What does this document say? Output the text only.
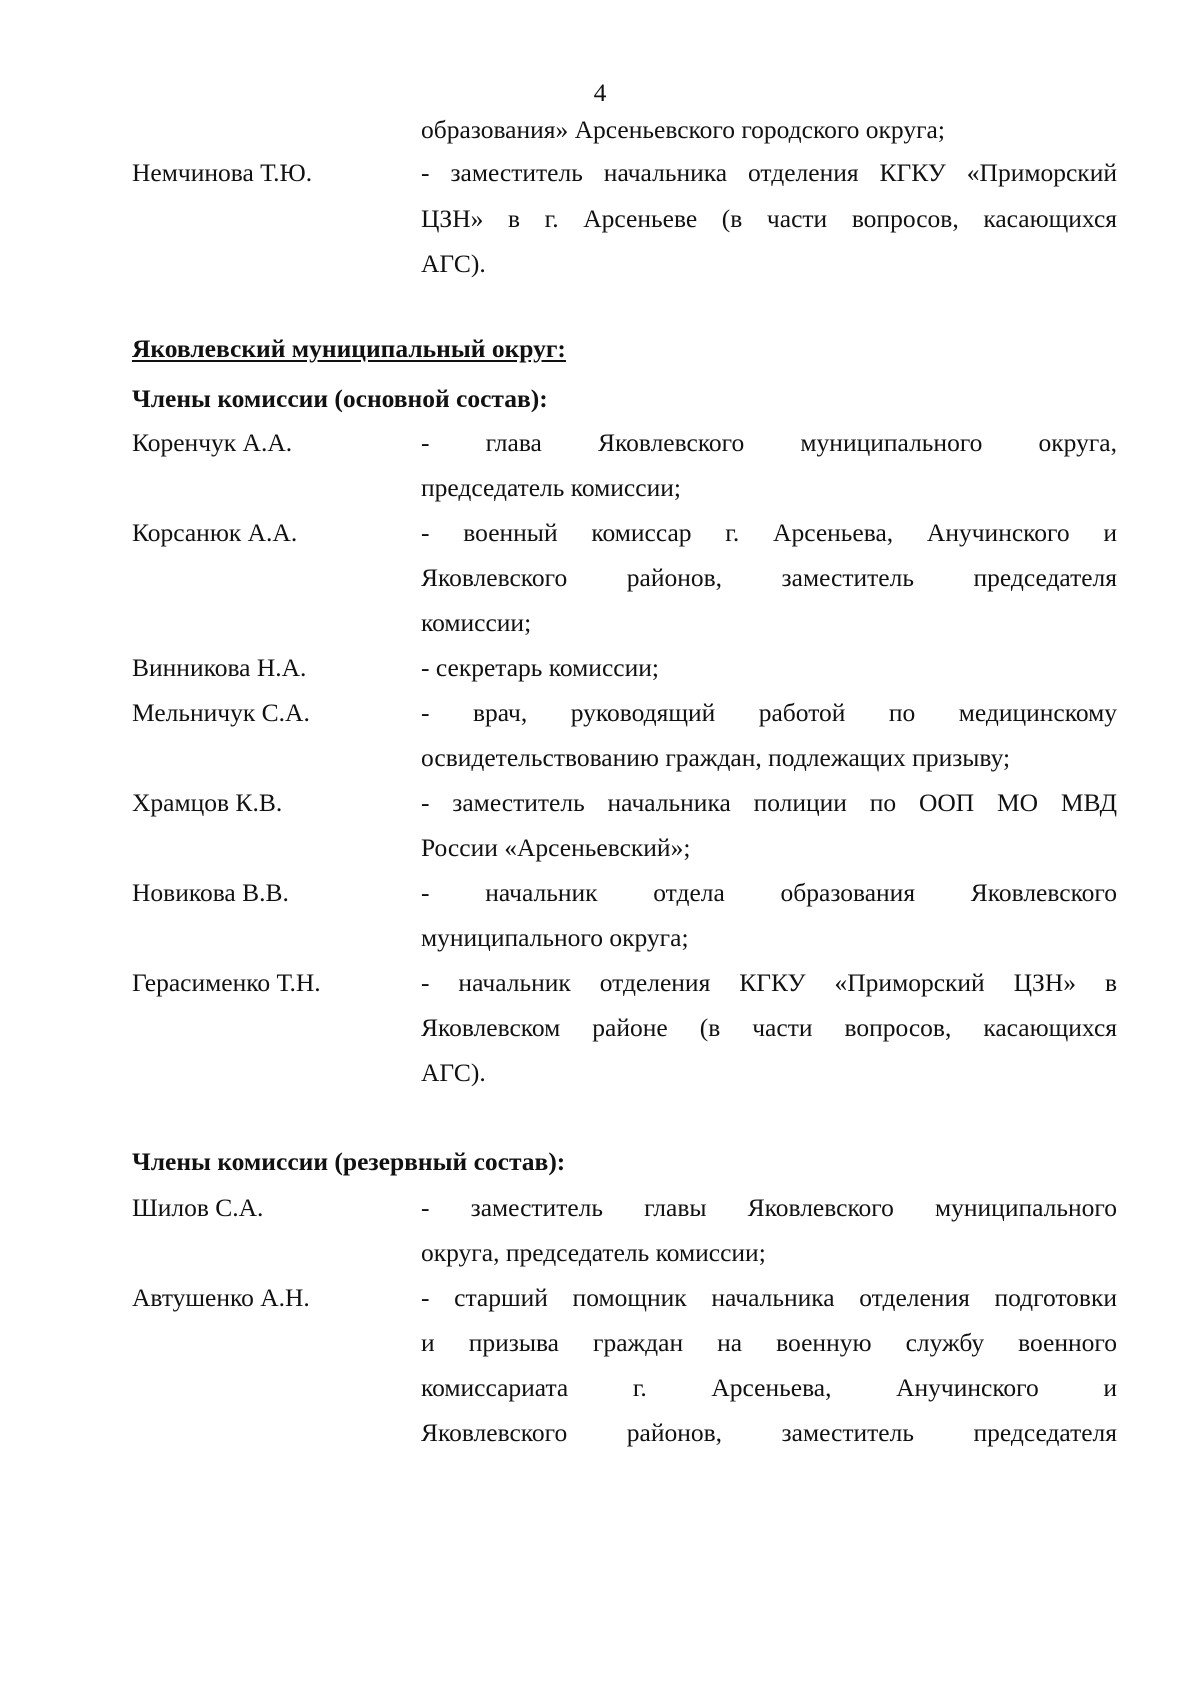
4
образования» Арсеньевского городского округа;
Немчинова Т.Ю.	- заместитель начальника отделения КГКУ «Приморский
ЦЗН» в г. Арсеньеве (в части вопросов, касающихся
АГС).
Яковлевский муниципальный округ:
Члены комиссии (основной состав):
Коренчук А.А.	- глава Яковлевского муниципального округа,
председатель комиссии;
Корсанюк А.А.	- военный комиссар г. Арсеньева, Анучинского и
Яковлевского районов, заместитель председателя
комиссии;
Винникова Н.А.	- секретарь комиссии;
Мельничук С.А.	- врач, руководящий работой по медицинскому
освидетельствованию граждан, подлежащих призыву;
Храмцов К.В.	- заместитель начальника полиции по ООП МО МВД
России «Арсеньевский»;
Новикова В.В.	- начальник отдела образования Яковлевского
муниципального округа;
Герасименко Т.Н.	- начальник отделения КГКУ «Приморский ЦЗН» в
Яковлевском районе (в части вопросов, касающихся
АГС).
Члены комиссии (резервный состав):
Шилов С.А.	- заместитель главы Яковлевского муниципального
округа, председатель комиссии;
Автушенко А.Н.	- старший помощник начальника отделения подготовки
и призыва граждан на военную службу военного
комиссариата г. Арсеньева, Анучинского и
Яковлевского районов, заместитель председателя
